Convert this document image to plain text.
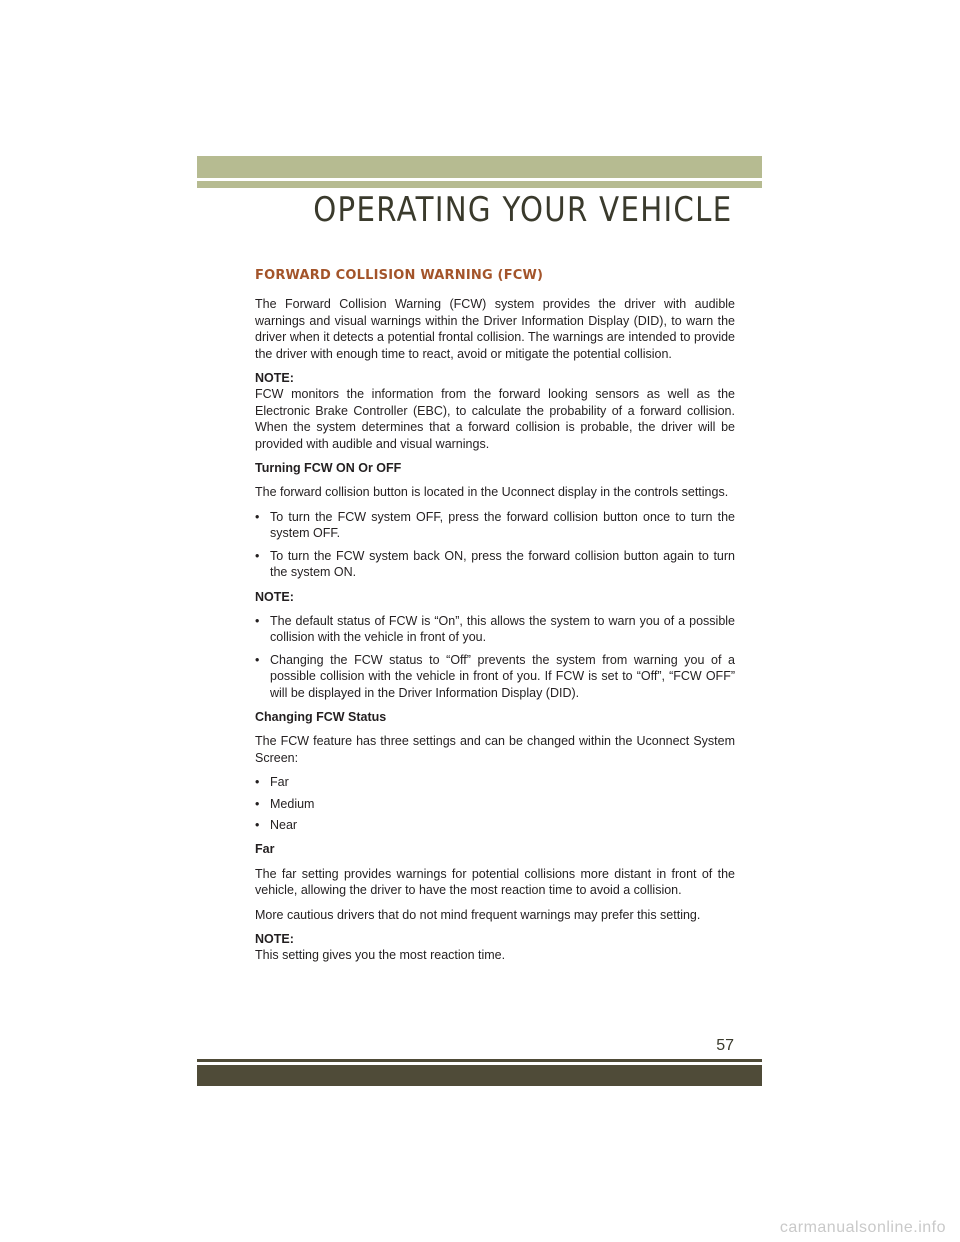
OPERATING YOUR VEHICLE
FORWARD COLLISION WARNING (FCW)

The Forward Collision Warning (FCW) system provides the driver with audible warnings and visual warnings within the Driver Information Display (DID), to warn the driver when it detects a potential frontal collision. The warnings are intended to provide the driver with enough time to react, avoid or mitigate the potential collision.

NOTE:
FCW monitors the information from the forward looking sensors as well as the Electronic Brake Controller (EBC), to calculate the probability of a forward collision. When the system determines that a forward collision is probable, the driver will be provided with audible and visual warnings.

Turning FCW ON Or OFF

The forward collision button is located in the Uconnect display in the controls settings.

• To turn the FCW system OFF, press the forward collision button once to turn the system OFF.
• To turn the FCW system back ON, press the forward collision button again to turn the system ON.

NOTE:

• The default status of FCW is “On”, this allows the system to warn you of a possible collision with the vehicle in front of you.
• Changing the FCW status to “Off” prevents the system from warning you of a possible collision with the vehicle in front of you. If FCW is set to “Off”, “FCW OFF” will be displayed in the Driver Information Display (DID).

Changing FCW Status

The FCW feature has three settings and can be changed within the Uconnect System Screen:

• Far
• Medium
• Near

Far

The far setting provides warnings for potential collisions more distant in front of the vehicle, allowing the driver to have the most reaction time to avoid a collision.

More cautious drivers that do not mind frequent warnings may prefer this setting.

NOTE:
This setting gives you the most reaction time.

57
carmanualsonline.info
